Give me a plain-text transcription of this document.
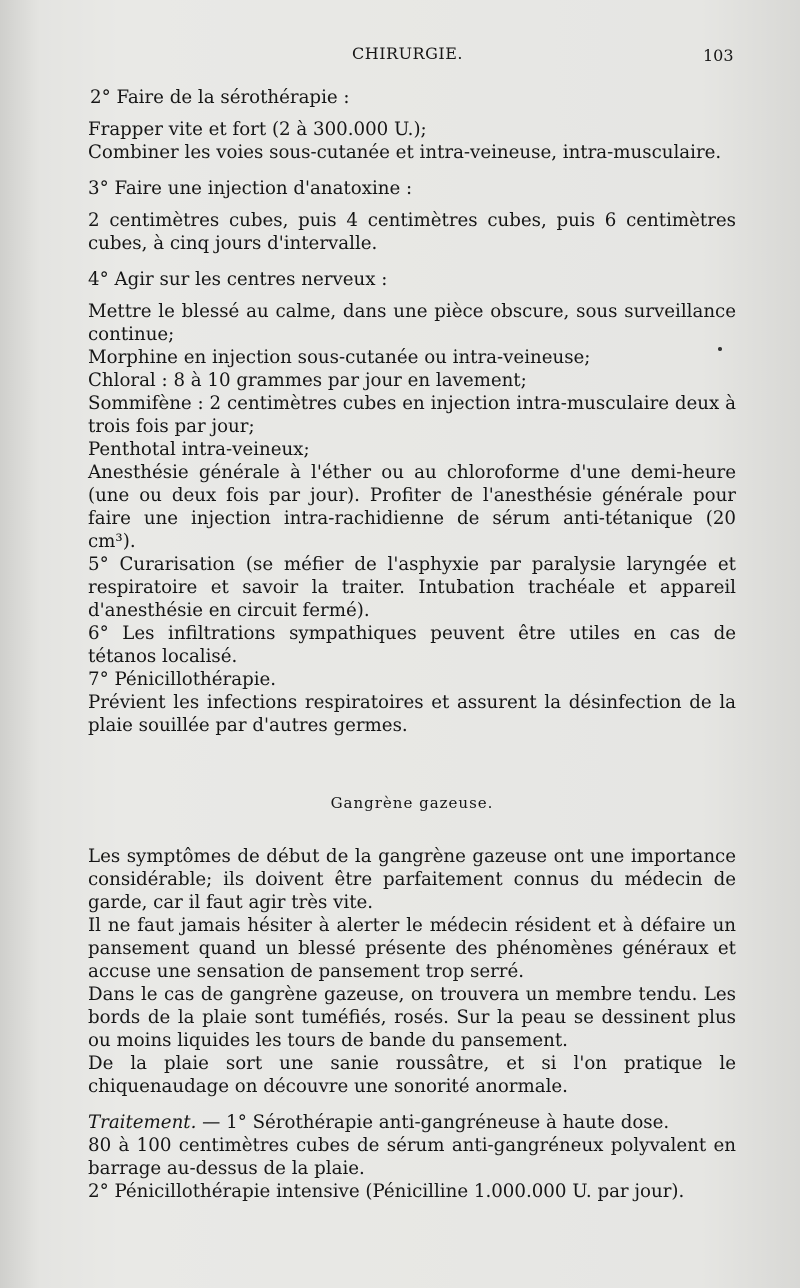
CHIRURGIE.	103

2° Faire de la sérothérapie :

Frapper vite et fort (2 à 300.000 U.);

Combiner les voies sous-cutanée et intra-veineuse, intra-musculaire.

3° Faire une injection d'anatoxine :

2 centimètres cubes, puis 4 centimètres cubes, puis 6 centimètres cubes, à cinq jours d'intervalle.

4° Agir sur les centres nerveux :

Mettre le blessé au calme, dans une pièce obscure, sous surveillance continue;

Morphine en injection sous-cutanée ou intra-veineuse;

Chloral : 8 à 10 grammes par jour en lavement;

Sommifène : 2 centimètres cubes en injection intra-musculaire deux à trois fois par jour;

Penthotal intra-veineux;

Anesthésie générale à l'éther ou au chloroforme d'une demi-heure (une ou deux fois par jour). Profiter de l'anesthésie générale pour faire une injection intra-rachidienne de sérum anti-tétanique (20 cm³).

5° Curarisation (se méfier de l'asphyxie par paralysie laryngée et respiratoire et savoir la traiter. Intubation trachéale et appareil d'anesthésie en circuit fermé).

6° Les infiltrations sympathiques peuvent être utiles en cas de tétanos localisé.

7° Pénicillothérapie.

Prévient les infections respiratoires et assurent la désinfection de la plaie souillée par d'autres germes.

Gangrène gazeuse.

Les symptômes de début de la gangrène gazeuse ont une importance considérable; ils doivent être parfaitement connus du médecin de garde, car il faut agir très vite.

Il ne faut jamais hésiter à alerter le médecin résident et à défaire un pansement quand un blessé présente des phénomènes généraux et accuse une sensation de pansement trop serré.

Dans le cas de gangrène gazeuse, on trouvera un membre tendu. Les bords de la plaie sont tuméfiés, rosés. Sur la peau se dessinent plus ou moins liquides les tours de bande du pansement.

De la plaie sort une sanie roussâtre, et si l'on pratique le chiquenaudage on découvre une sonorité anormale.

Traitement. — 1° Sérothérapie anti-gangréneuse à haute dose.

80 à 100 centimètres cubes de sérum anti-gangréneux polyvalent en barrage au-dessus de la plaie.

2° Pénicillothérapie intensive (Pénicilline 1.000.000 U. par jour).
